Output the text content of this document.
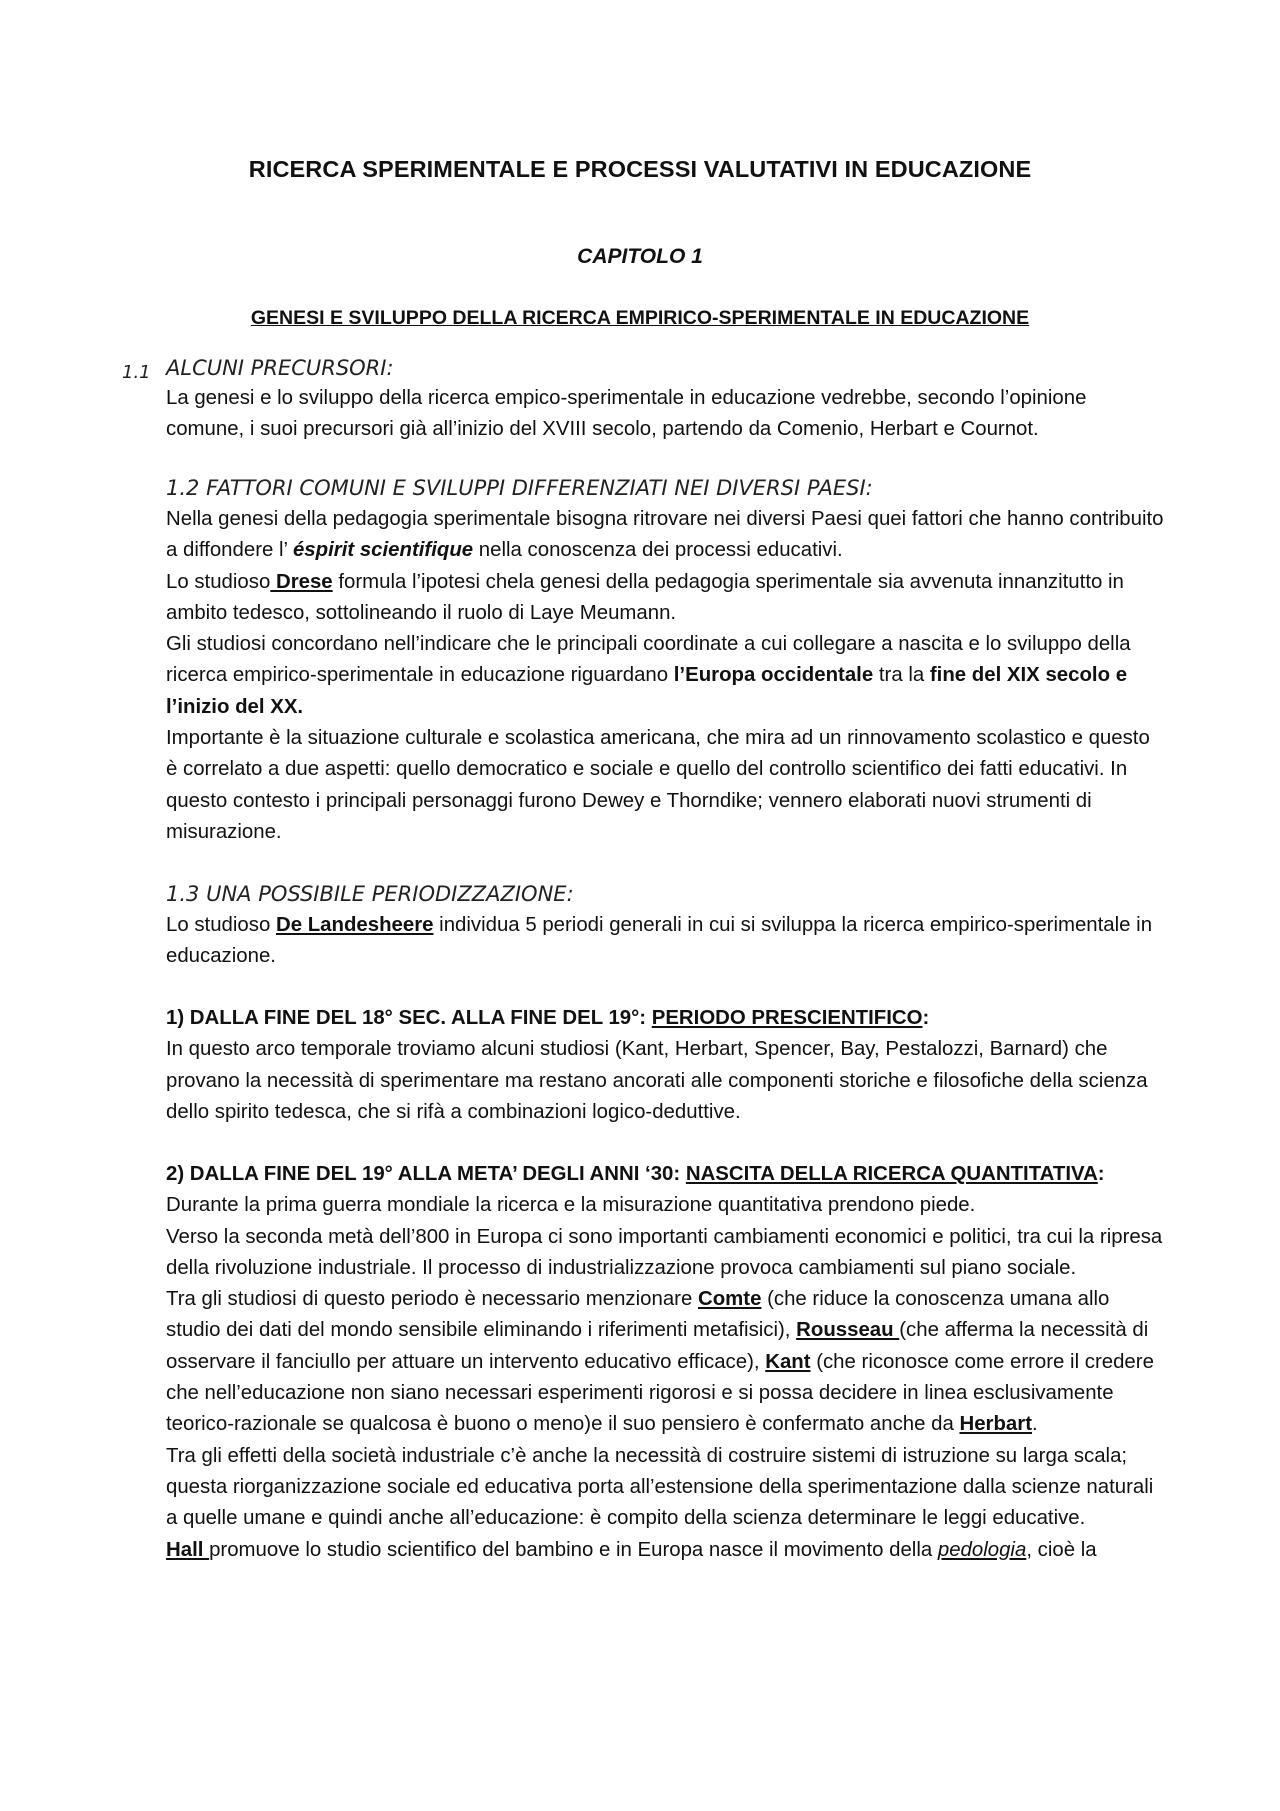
RICERCA SPERIMENTALE E PROCESSI VALUTATIVI IN EDUCAZIONE
CAPITOLO 1
GENESI E SVILUPPO DELLA RICERCA EMPIRICO-SPERIMENTALE IN EDUCAZIONE
1.1 ALCUNI PRECURSORI:

La genesi e lo sviluppo della ricerca empico-sperimentale in educazione vedrebbe, secondo l’opinione comune, i suoi precursori già all’inizio del XVIII secolo, partendo da Comenio, Herbart e Cournot.

1.2 FATTORI COMUNI E SVILUPPI DIFFERENZIATI NEI DIVERSI PAESI:

Nella genesi della pedagogia sperimentale bisogna ritrovare nei diversi Paesi quei fattori che hanno contribuito a diffondere l’ éspirit scientifique nella conoscenza dei processi educativi.

Lo studioso Drese formula l’ipotesi chela genesi della pedagogia sperimentale sia avvenuta innanzitutto in ambito tedesco, sottolineando il ruolo di Laye Meumann.

Gli studiosi concordano nell’indicare che le principali coordinate a cui collegare a nascita e lo sviluppo della ricerca empirico-sperimentale in educazione riguardano l’Europa occidentale tra la fine del XIX secolo e l’inizio del XX.

Importante è la situazione culturale e scolastica americana, che mira ad un rinnovamento scolastico e questo è correlato a due aspetti: quello democratico e sociale e quello del controllo scientifico dei fatti educativi. In questo contesto i principali personaggi furono Dewey e Thorndike; vennero elaborati nuovi strumenti di misurazione.

1.3 UNA POSSIBILE PERIODIZZAZIONE:

Lo studioso De Landesheere individua 5 periodi generali in cui si sviluppa la ricerca empirico-sperimentale in educazione.

1) DALLA FINE DEL 18° SEC. ALLA FINE DEL 19°: PERIODO PRESCIENTIFICO:

In questo arco temporale troviamo alcuni studiosi (Kant, Herbart, Spencer, Bay, Pestalozzi, Barnard) che provano la necessità di sperimentare ma restano ancorati alle componenti storiche e filosofiche della scienza dello spirito tedesca, che si rifà a combinazioni logico-deduttive.

2) DALLA FINE DEL 19° ALLA META’ DEGLI ANNI ‘30: NASCITA DELLA RICERCA QUANTITATIVA:

Durante la prima guerra mondiale la ricerca e la misurazione quantitativa prendono piede.

Verso la seconda metà dell’800 in Europa ci sono importanti cambiamenti economici e politici, tra cui la ripresa della rivoluzione industriale. Il processo di industrializzazione provoca cambiamenti sul piano sociale.

Tra gli studiosi di questo periodo è necessario menzionare Comte (che riduce la conoscenza umana allo studio dei dati del mondo sensibile eliminando i riferimenti metafisici), Rousseau (che afferma la necessità di osservare il fanciullo per attuare un intervento educativo efficace), Kant (che riconosce come errore il credere che nell’educazione non siano necessari esperimenti rigorosi e si possa decidere in linea esclusivamente teorico-razionale se qualcosa è buono o meno)e il suo pensiero è confermato anche da Herbart.

Tra gli effetti della società industriale c’è anche la necessità di costruire sistemi di istruzione su larga scala; questa riorganizzazione sociale ed educativa porta all’estensione della sperimentazione dalla scienze naturali a quelle umane e quindi anche all’educazione: è compito della scienza determinare le leggi educative.

Hall promuove lo studio scientifico del bambino e in Europa nasce il movimento della pedologia, cioè la
